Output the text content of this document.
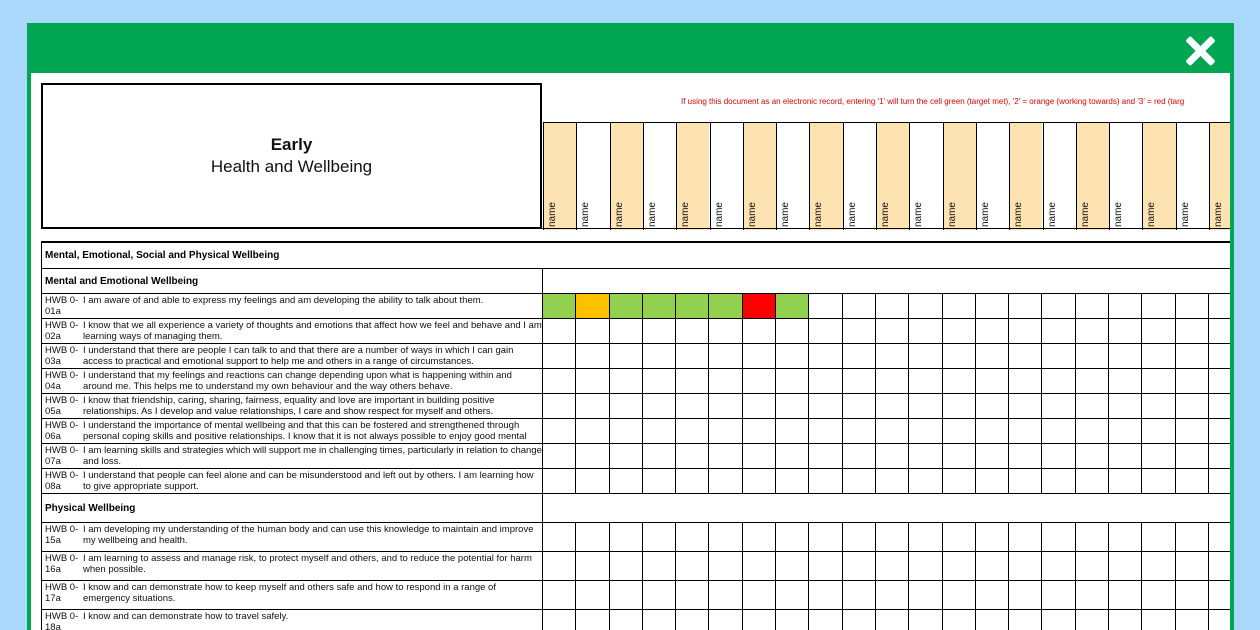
Early
Health and Wellbeing
If using this document as an electronic record, entering '1' will turn the cell green (target met), '2' = orange (working towards) and '3' = red (targ
name name name name name name name name name name name name name name name name name name name name name
Mental, Emotional, Social and Physical Wellbeing
Mental and Emotional Wellbeing
HWB 0-01a
I am aware of and able to express my feelings and am developing the ability to talk about them.
HWB 0-02a
I know that we all experience a variety of thoughts and emotions that affect how we feel and behave and I am learning ways of managing them.
HWB 0-03a
I understand that there are people I can talk to and that there are a number of ways in which I can gain access to practical and emotional support to help me and others in a range of circumstances.
HWB 0-04a
I understand that my feelings and reactions can change depending upon what is happening within and around me. This helps me to understand my own behaviour and the way others behave.
HWB 0-05a
I know that friendship, caring, sharing, fairness, equality and love are important in building positive relationships. As I develop and value relationships, I care and show respect for myself and others.
HWB 0-06a
I understand the importance of mental wellbeing and that this can be fostered and strengthened through personal coping skills and positive relationships. I know that it is not always possible to enjoy good mental
HWB 0-07a
I am learning skills and strategies which will support me in challenging times, particularly in relation to change and loss.
HWB 0-08a
I understand that people can feel alone and can be misunderstood and left out by others. I am learning how to give appropriate support.
Physical Wellbeing
HWB 0-15a
I am developing my understanding of the human body and can use this knowledge to maintain and improve my wellbeing and health.
HWB 0-16a
I am learning to assess and manage risk, to protect myself and others, and to reduce the potential for harm when possible.
HWB 0-17a
I know and can demonstrate how to keep myself and others safe and how to respond in a range of emergency situations.
HWB 0-18a
I know and can demonstrate how to travel safely.
